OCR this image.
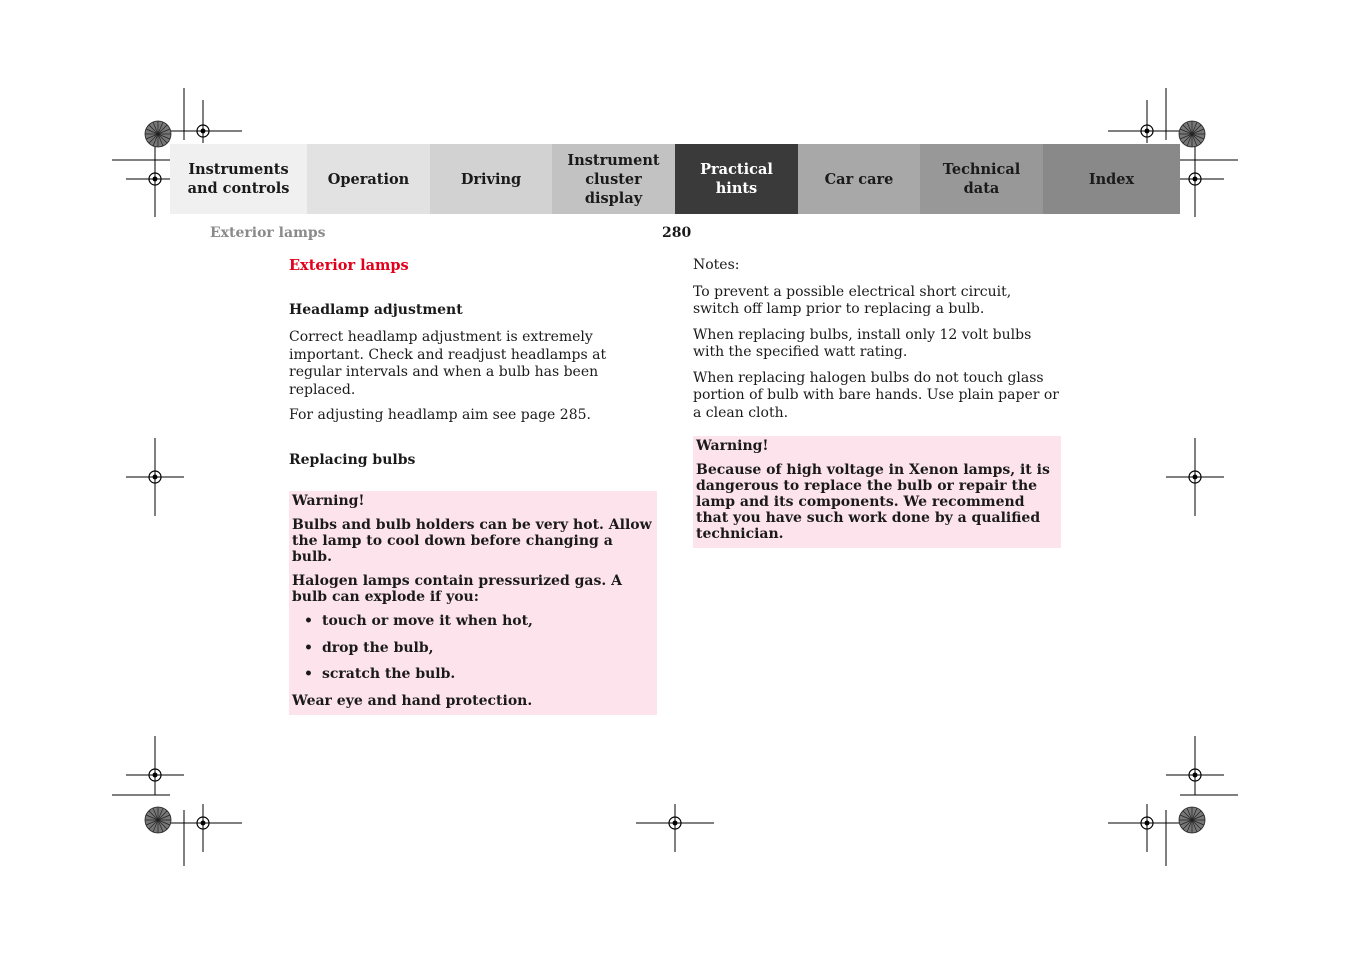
Instruments
and controls
Operation	Driving
Instrument
cluster display
Practical hints
Car care
Technical
data
Index
Exterior lamps	280

Exterior lamps

Headlamp adjustment

Correct headlamp adjustment is extremely important. Check and readjust headlamps at regular intervals and when a bulb has been replaced.

For adjusting headlamp aim see page 285.

Replacing bulbs

Warning!

Bulbs and bulb holders can be very hot. Allow the lamp to cool down before changing a bulb.

Halogen lamps contain pressurized gas. A bulb can explode if you:

• touch or move it when hot,
• drop the bulb,
• scratch the bulb.

Wear eye and hand protection.

Notes:

To prevent a possible electrical short circuit, switch off lamp prior to replacing a bulb.

When replacing bulbs, install only 12 volt bulbs with the specified watt rating.

When replacing halogen bulbs do not touch glass portion of bulb with bare hands. Use plain paper or a clean cloth.

Warning!

Because of high voltage in Xenon lamps, it is dangerous to replace the bulb or repair the lamp and its components. We recommend that you have such work done by a qualified technician.
